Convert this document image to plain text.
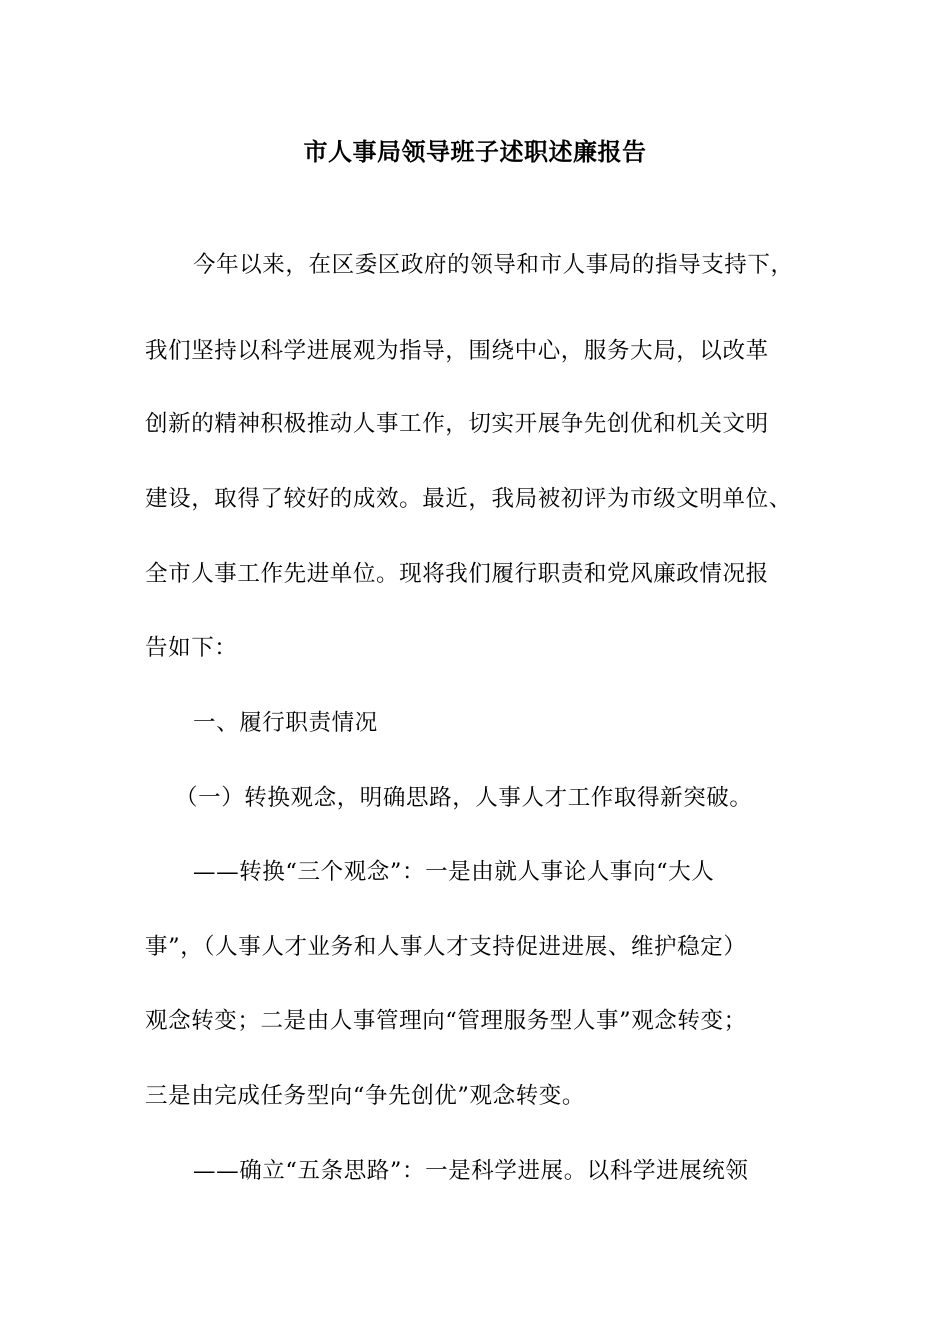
市人事局领导班子述职述廉报告
今年以来，在区委区政府的领导和市人事局的指导支持下，
我们坚持以科学进展观为指导，围绕中心，服务大局，以改革
创新的精神积极推动人事工作，切实开展争先创优和机关文明
建设，取得了较好的成效。最近，我局被初评为市级文明单位、
全市人事工作先进单位。现将我们履行职责和党风廉政情况报
告如下：
一、履行职责情况
（一）转换观念，明确思路，人事人才工作取得新突破。
——转换“三个观念”：一是由就人事论人事向“大人
事”，（人事人才业务和人事人才支持促进进展、维护稳定）
观念转变；二是由人事管理向“管理服务型人事”观念转变；
三是由完成任务型向“争先创优”观念转变。
——确立“五条思路”：一是科学进展。以科学进展统领
